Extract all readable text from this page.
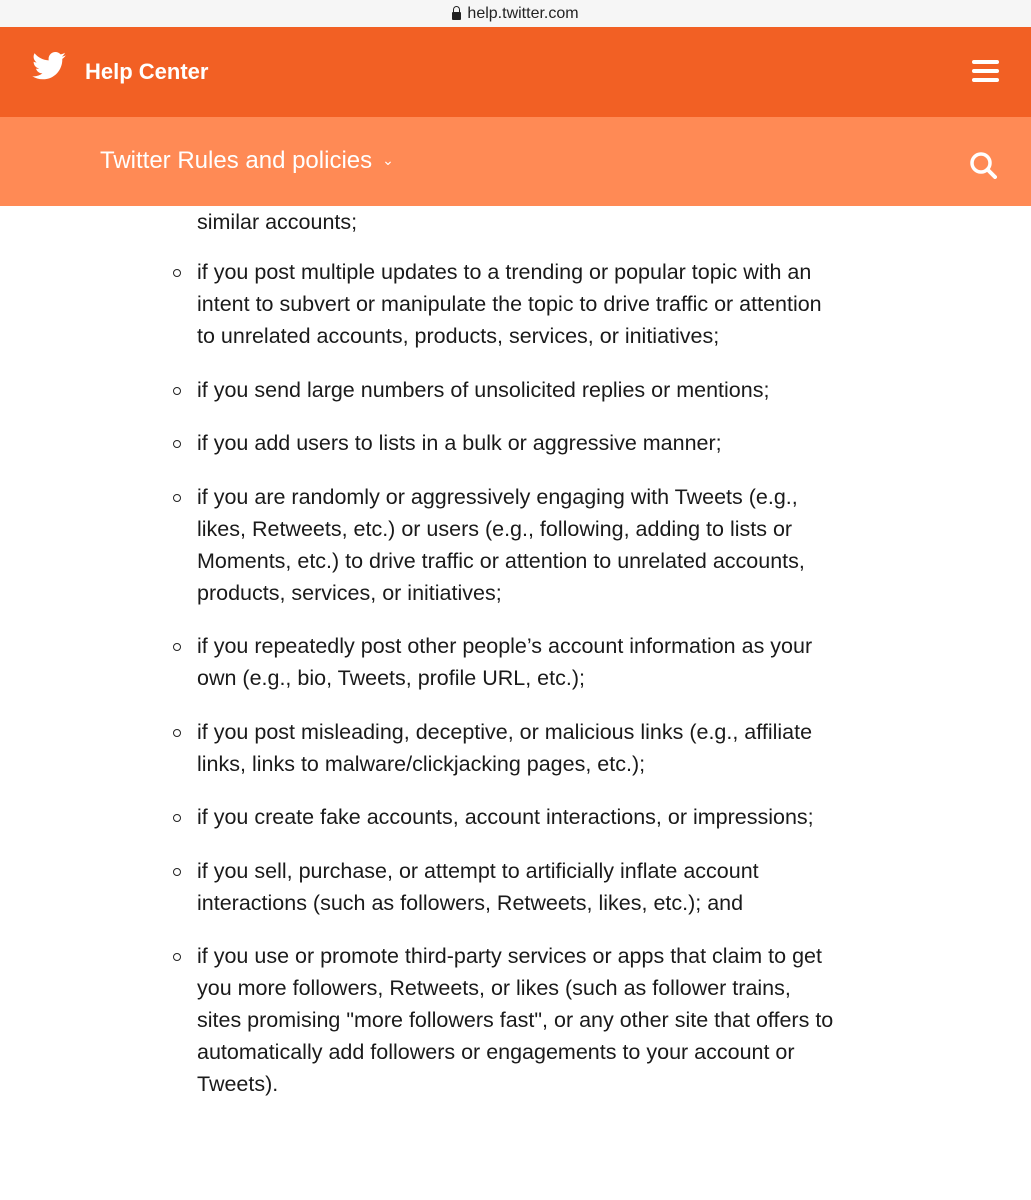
help.twitter.com
Help Center
Twitter Rules and policies ⌄
similar accounts;
if you post multiple updates to a trending or popular topic with an intent to subvert or manipulate the topic to drive traffic or attention to unrelated accounts, products, services, or initiatives;
if you send large numbers of unsolicited replies or mentions;
if you add users to lists in a bulk or aggressive manner;
if you are randomly or aggressively engaging with Tweets (e.g., likes, Retweets, etc.) or users (e.g., following, adding to lists or Moments, etc.) to drive traffic or attention to unrelated accounts, products, services, or initiatives;
if you repeatedly post other people’s account information as your own (e.g., bio, Tweets, profile URL, etc.);
if you post misleading, deceptive, or malicious links (e.g., affiliate links, links to malware/clickjacking pages, etc.);
if you create fake accounts, account interactions, or impressions;
if you sell, purchase, or attempt to artificially inflate account interactions (such as followers, Retweets, likes, etc.); and
if you use or promote third-party services or apps that claim to get you more followers, Retweets, or likes (such as follower trains, sites promising "more followers fast", or any other site that offers to automatically add followers or engagements to your account or Tweets).
